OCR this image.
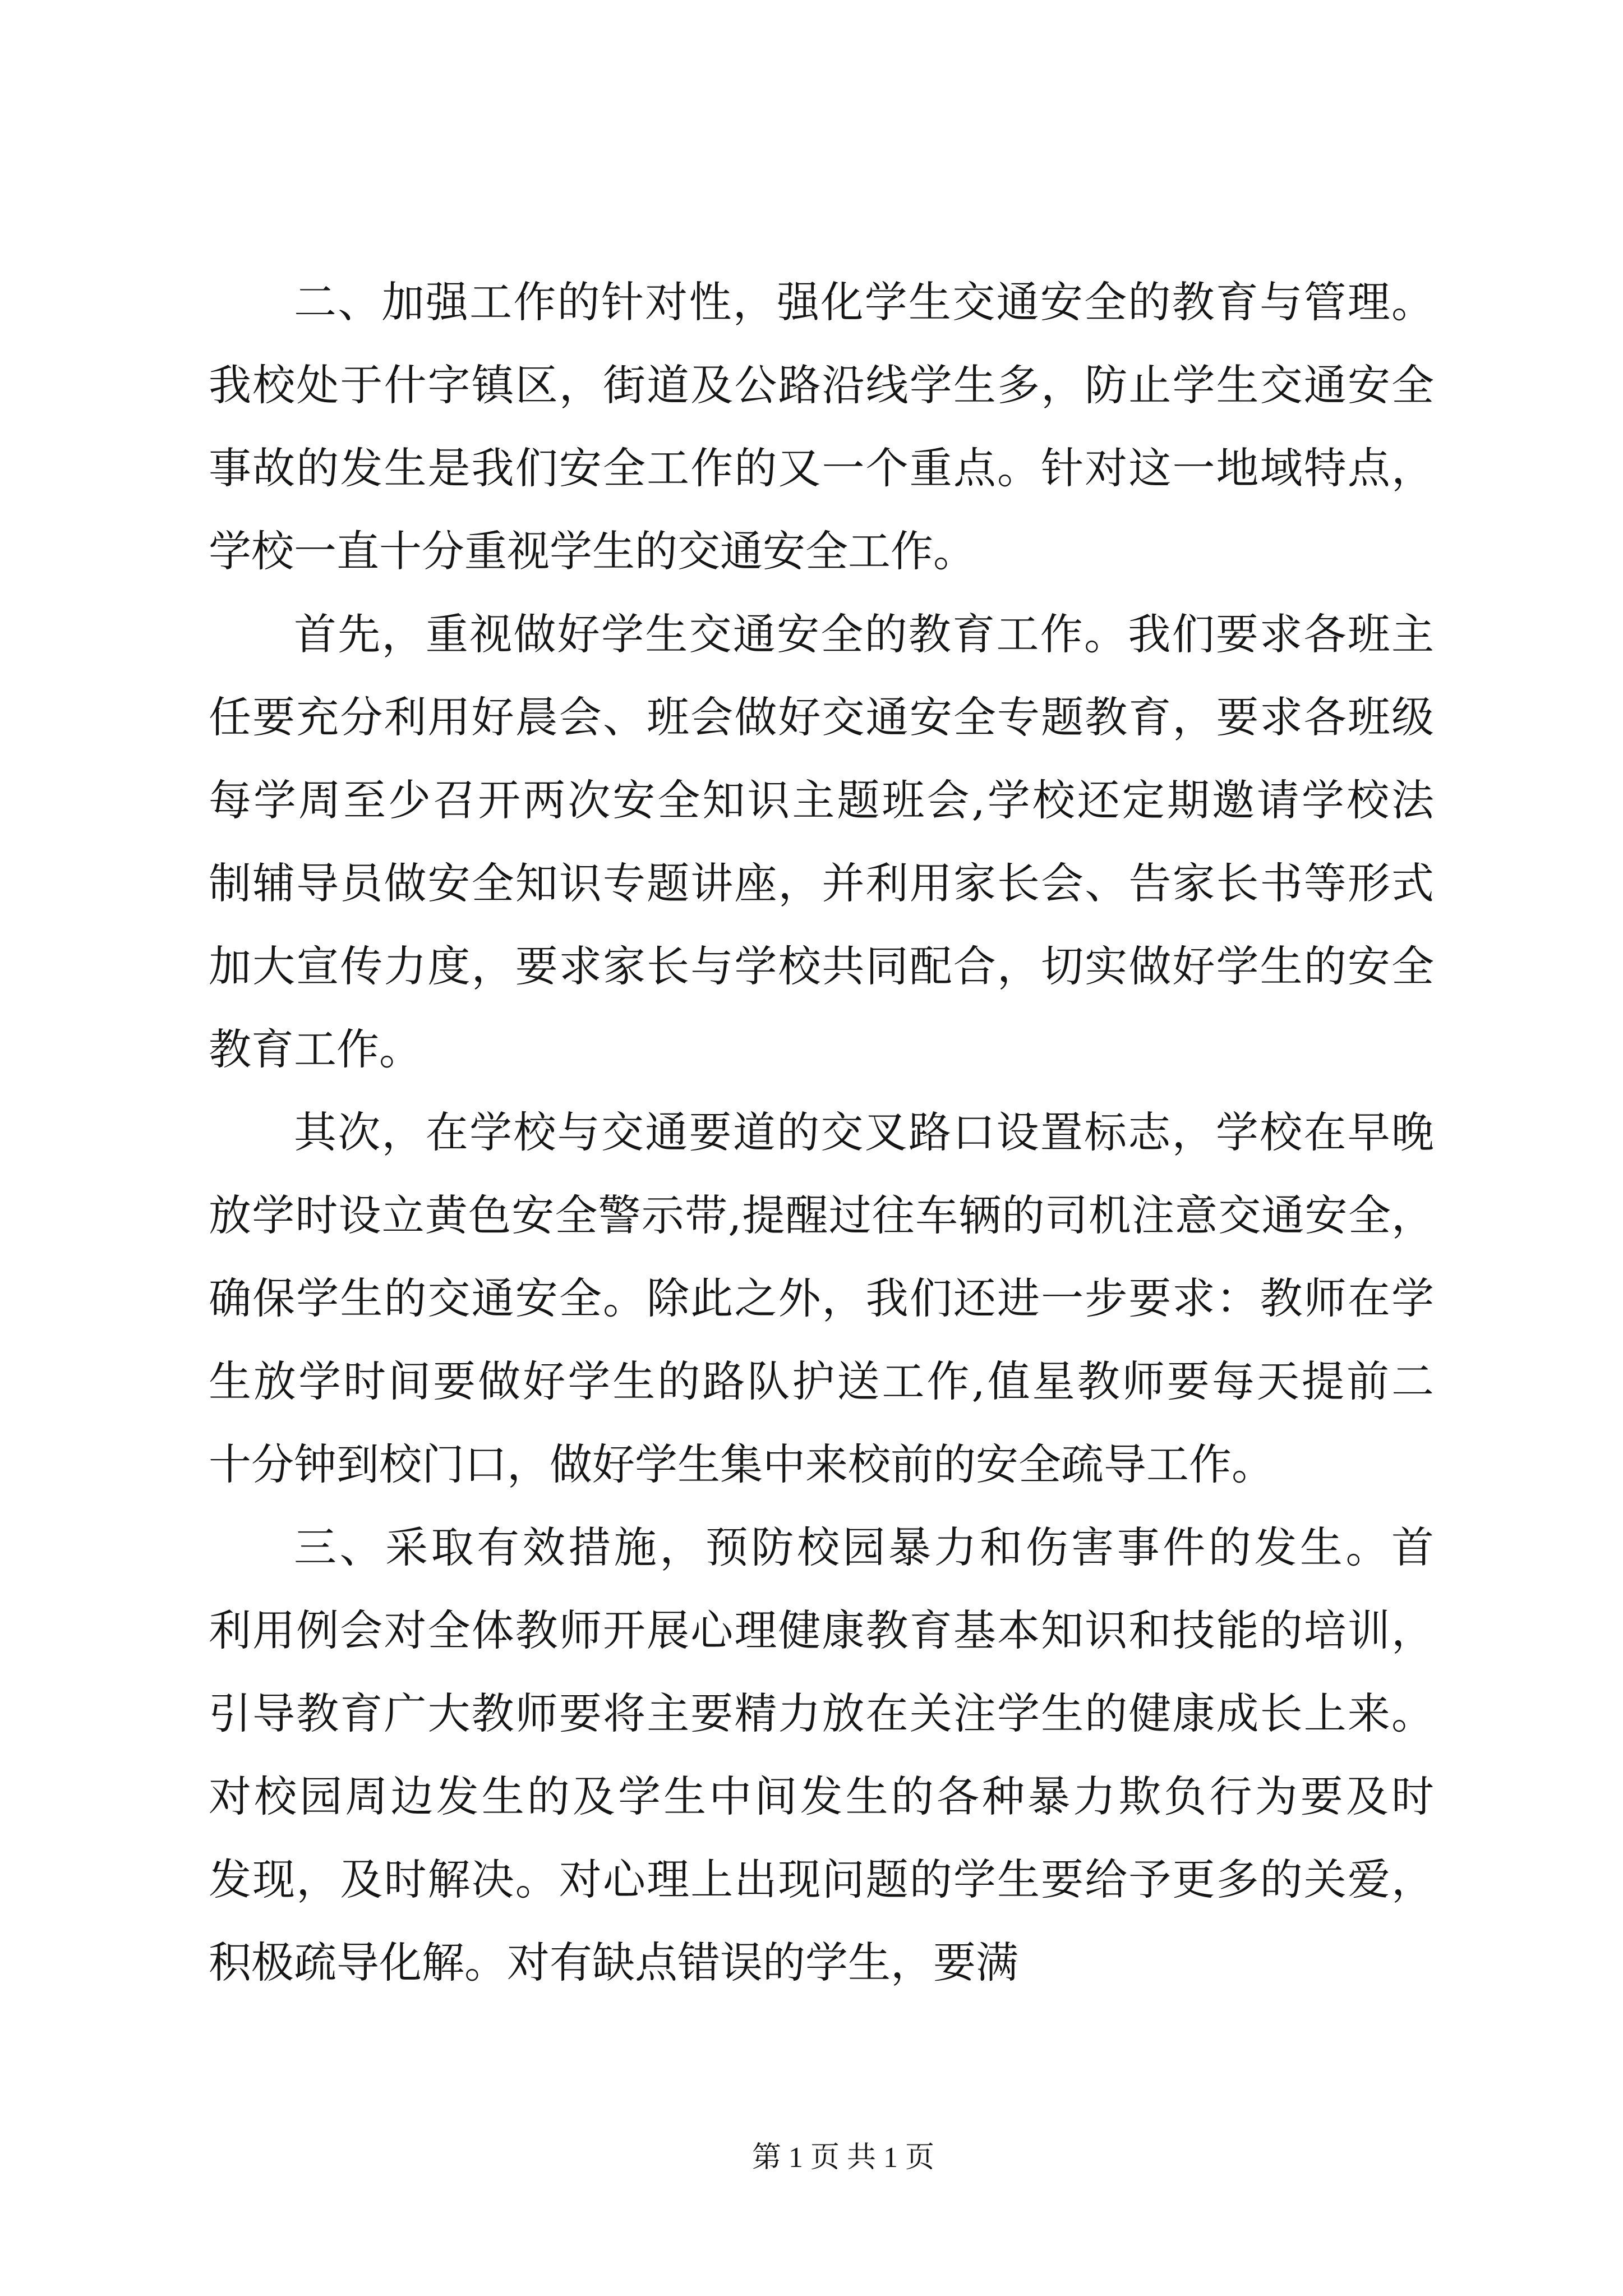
二、加强工作的针对性，强化学生交通安全的教育与管理。
我校处于什字镇区，街道及公路沿线学生多，防止学生交通安全
事故的发生是我们安全工作的又一个重点。针对这一地域特点，
学校一直十分重视学生的交通安全工作。
首先，重视做好学生交通安全的教育工作。我们要求各班主
任要充分利用好晨会、班会做好交通安全专题教育，要求各班级
每学周至少召开两次安全知识主题班会,学校还定期邀请学校法
制辅导员做安全知识专题讲座，并利用家长会、告家长书等形式
加大宣传力度，要求家长与学校共同配合，切实做好学生的安全
教育工作。
其次，在学校与交通要道的交叉路口设置标志，学校在早晚
放学时设立黄色安全警示带,提醒过往车辆的司机注意交通安全，
确保学生的交通安全。除此之外，我们还进一步要求：教师在学
生放学时间要做好学生的路队护送工作,值星教师要每天提前二
十分钟到校门口，做好学生集中来校前的安全疏导工作。
三、采取有效措施，预防校园暴力和伤害事件的发生。首
利用例会对全体教师开展心理健康教育基本知识和技能的培训，
引导教育广大教师要将主要精力放在关注学生的健康成长上来。
对校园周边发生的及学生中间发生的各种暴力欺负行为要及时
发现，及时解决。对心理上出现问题的学生要给予更多的关爱，
积极疏导化解。对有缺点错误的学生，要满
第 1 页 共 1 页
